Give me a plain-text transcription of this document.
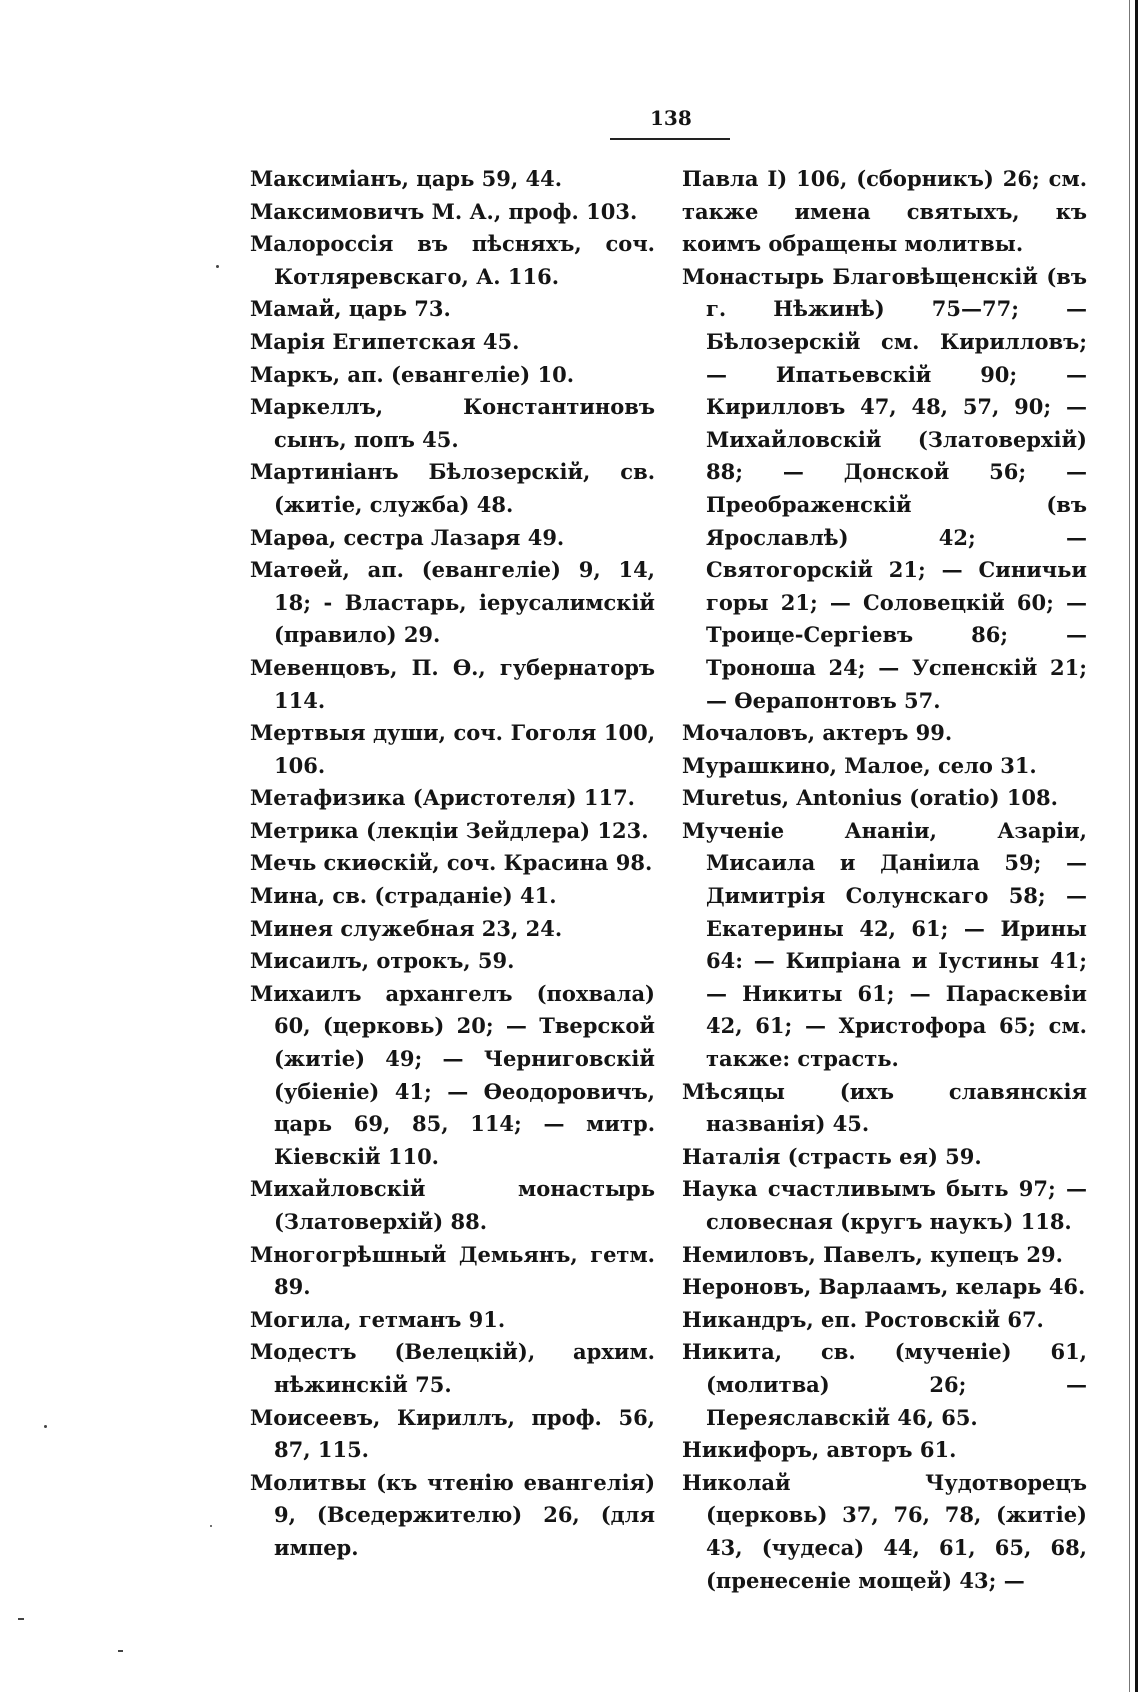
138
Максиміанъ, царь 59, 44.
Максимовичъ М. А., проф. 103.
Малороссія въ пѣсняхъ, соч. Котляревскаго, А. 116.
Мамай, царь 73.
Марія Египетская 45.
Маркъ, ап. (евангеліе) 10.
Маркеллъ, Константиновъ сынъ, попъ 45.
Мартиніанъ Бѣлозерскій, св. (житіе, служба) 48.
Марѳа, сестра Лазаря 49.
Матѳей, ап. (евангеліе) 9, 14, 18; - Властарь, іерусалимскій (правило) 29.
Мевенцовъ, П. Ѳ., губернаторъ 114.
Мертвыя души, соч. Гоголя 100, 106.
Метафизика (Аристотеля) 117.
Метрика (лекціи Зейдлера) 123.
Мечь скиѳскій, соч. Красина 98.
Мина, св. (страданіе) 41.
Минея служебная 23, 24.
Мисаилъ, отрокъ, 59.
Михаилъ архангелъ (похвала) 60, (церковь) 20; — Тверской (житіе) 49; — Черниговскій (убіеніе) 41; — Ѳеодоровичъ, царь 69, 85, 114; — митр. Кіевскій 110.
Михайловскій монастырь (Златоверхій) 88.
Многогрѣшный Демьянъ, гетм. 89.
Могила, гетманъ 91.
Модестъ (Велецкій), архим. нѣжинскій 75.
Моисеевъ, Кириллъ, проф. 56, 87, 115.
Молитвы (къ чтенію евангелія) 9, (Вседержителю) 26, (для импер.
Павла I) 106, (сборникъ) 26; см. также имена святыхъ, къ коимъ обращены молитвы.
Монастырь Благовѣщенскій (въ г. Нѣжинѣ) 75—77; —Бѣлозерскій см. Кирилловъ; — Ипатьевскій 90; — Кирилловъ 47, 48, 57, 90; — Михайловскій (Златоверхій) 88; — Донской 56; — Преображенскій (въ Ярославлѣ) 42; — Святогорскій 21; — Синичьи горы 21; — Соловецкій 60; — Троице-Сергіевъ 86; — Троноша 24; — Успенскій 21; — Ѳерапонтовъ 57.
Мочаловъ, актеръ 99.
Мурашкино, Малое, село 31.
Muretus, Antonius (oratio) 108.
Мученіе Ананіи, Азаріи, Мисаила и Даніила 59; — Димитрія Солунскаго 58; — Екатерины 42, 61; — Ирины 64: — Кипріана и Іустины 41; — Никиты 61; — Параскевіи 42, 61; — Христофора 65; см. также: страсть.
Мѣсяцы (ихъ славянскія названія) 45.
Наталія (страсть ея) 59.
Наука счастливымъ быть 97; — словесная (кругъ наукъ) 118.
Немиловъ, Павелъ, купецъ 29.
Нероновъ, Варлаамъ, келарь 46.
Никандръ, еп. Ростовскій 67.
Никита, св. (мученіе) 61, (молитва) 26; — Переяславскій 46, 65.
Никифоръ, авторъ 61.
Николай Чудотворецъ (церковь) 37, 76, 78, (житіе) 43, (чудеса) 44, 61, 65, 68, (пренесеніе мощей) 43; —
